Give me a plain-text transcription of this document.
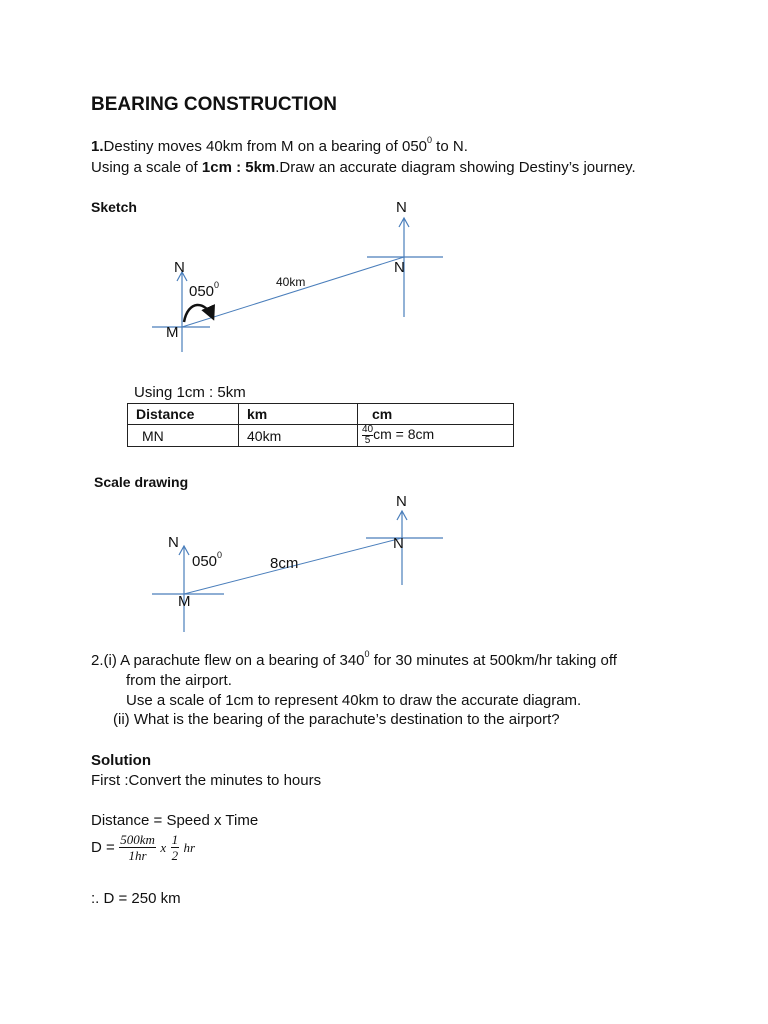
BEARING CONSTRUCTION
1.Destiny moves 40km from M on a bearing of $050^0$ to N.
Using a scale of 1cm : 5km.Draw an accurate diagram showing Destiny’s journey.
Sketch	N
N	N
M
$050^0$	40km
Using 1cm : 5km
Distance	km	cm
MN	40km	$\frac{40}{5}$ cm = 8cm
Scale drawing
N
N	N
M
$050^0$	8cm
2.(i) A parachute flew on a bearing of $340^0$ for 30 minutes at 500km/hr taking off
from the airport.
Use a scale of 1cm to represent 40km to draw the accurate diagram.
(ii) What is the bearing of the parachute’s destination to the airport?
Solution
First :Convert the minutes to hours
Distance = Speed x Time
$D = \frac{500km}{1hr}$ x $\frac{1}{2}$ hr
:. D = 250 km
